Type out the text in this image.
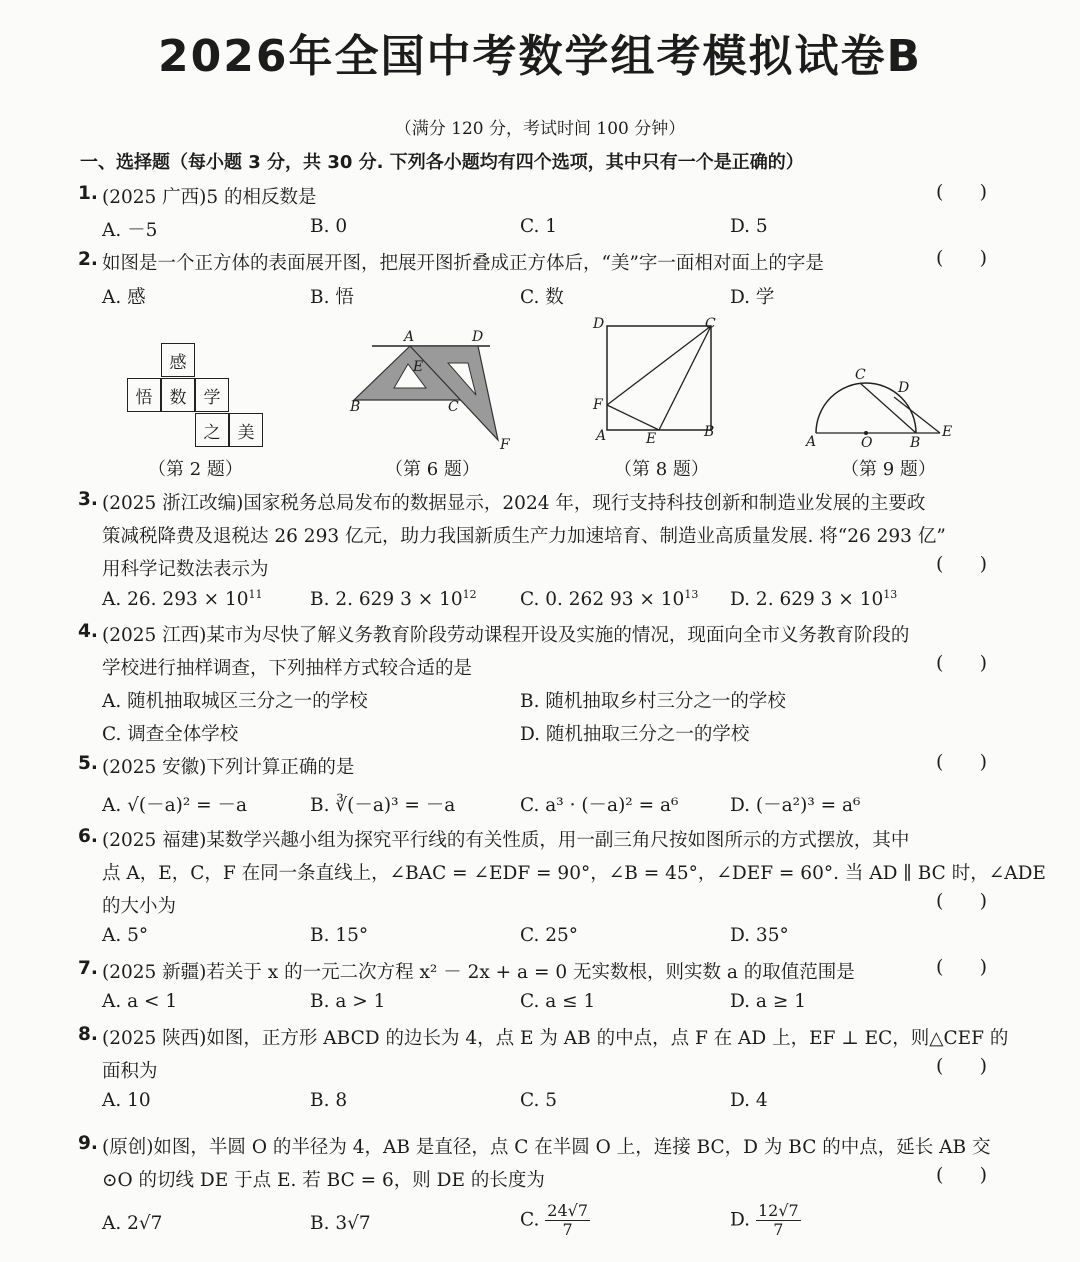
2026年全国中考数学组考模拟试卷B
（满分 120 分，考试时间 100 分钟）
一、选择题（每小题 3 分，共 30 分. 下列各小题均有四个选项，其中只有一个是正确的）
1. (2025 广西)5 的相反数是	(      )
A. －5	B. 0	C. 1	D. 5
2. 如图是一个正方体的表面展开图，把展开图折叠成正方体后，“美”字一面相对面上的字是	(      )
A. 感	B. 悟	C. 数	D. 学
感
悟	数	学
之	美
（第 2 题）
A	D
E
B	C
F
（第 6 题）
D	C
F
A	E	B
（第 8 题）
C
D
A	O	B
E
（第 9 题）
3. (2025 浙江改编)国家税务总局发布的数据显示，2024 年，现行支持科技创新和制造业发展的主要政
策减税降费及退税达 26 293 亿元，助力我国新质生产力加速培育、制造业高质量发展. 将“26 293 亿”
用科学记数法表示为	(      )
A. 26. $293 \times 10^{11}$	B. 2. 629 $3 \times 10^{12}$ C. 0. 262 $93 \times 10^{13}$ D. 2. 629 $3 \times 10^{13}$
4. (2025 江西)某市为尽快了解义务教育阶段劳动课程开设及实施的情况，现面向全市义务教育阶段的
学校进行抽样调查，下列抽样方式较合适的是	(      )
A. 随机抽取城区三分之一的学校	B. 随机抽取乡村三分之一的学校
C. 调查全体学校	D. 随机抽取三分之一的学校
5. (2025 安徽)下列计算正确的是	(      )
A. √(－a)² = －a	B. ∛(－a)³ = －a	C. a³ · (－a)² = a⁶	D. (－a²)³ = a⁶
6. (2025 福建)某数学兴趣小组为探究平行线的有关性质，用一副三角尺按如图所示的方式摆放，其中
点 A，E，C，F 在同一条直线上，∠BAC = ∠EDF = 90°，∠B = 45°，∠DEF = 60°. 当 AD ∥ BC 时，∠ADE
的大小为	(      )
A. 5°	B. 15°	C. 25°	D. 35°
7. (2025 新疆)若关于 x 的一元二次方程 x² － 2x + a = 0 无实数根，则实数 a 的取值范围是	(      )
A. a < 1	B. a > 1	C. a ≤ 1	D. a ≥ 1
8. (2025 陕西)如图，正方形 ABCD 的边长为 4，点 E 为 AB 的中点，点 F 在 AD 上，EF ⊥ EC，则△CEF 的
面积为	(      )
A. 10	B. 8	C. 5	D. 4
9. (原创)如图，半圆 O 的半径为 4，AB 是直径，点 C 在半圆 O 上，连接 BC，D 为 BC 的中点，延长 AB 交
⊙O 的切线 DE 于点 E. 若 BC = 6，则 DE 的长度为	(      )
A. 2√7	B. 3√7	C. $\frac{24√7}{7}$	D. $\frac{12√7}{7}$
